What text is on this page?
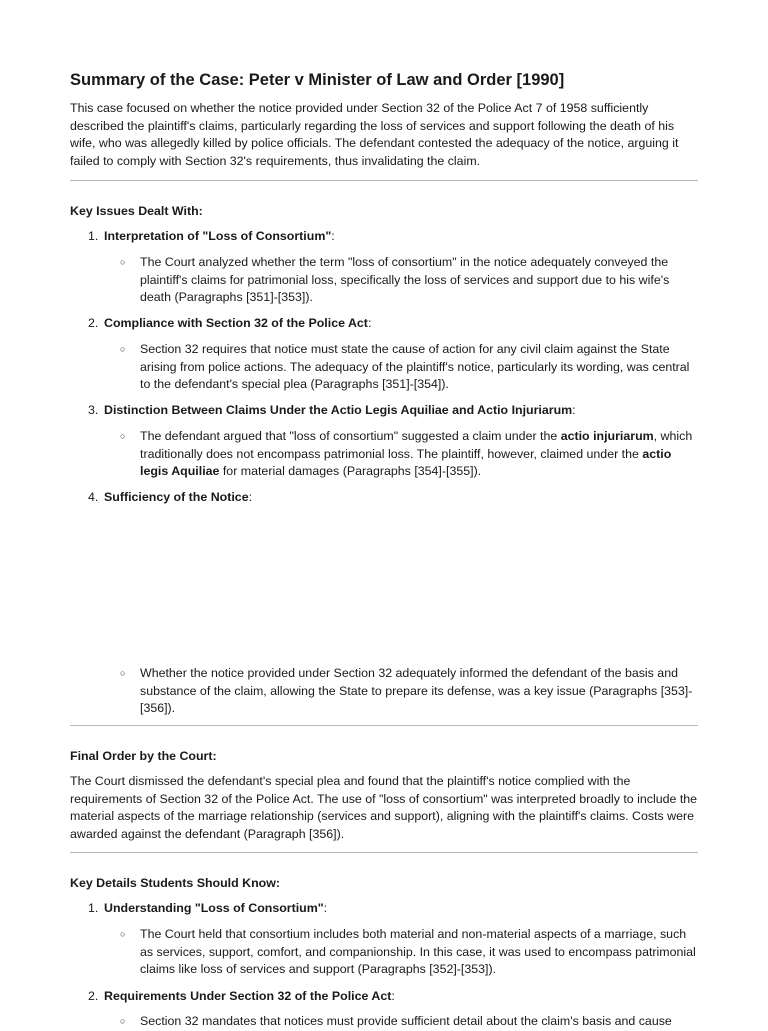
Summary of the Case: Peter v Minister of Law and Order [1990]

This case focused on whether the notice provided under Section 32 of the Police Act 7 of 1958 sufficiently described the plaintiff's claims, particularly regarding the loss of services and support following the death of his wife, who was allegedly killed by police officials. The defendant contested the adequacy of the notice, arguing it failed to comply with Section 32's requirements, thus invalidating the claim.

Key Issues Dealt With:
1. Interpretation of "Loss of Consortium":
○ The Court analyzed whether the term "loss of consortium" in the notice adequately conveyed the plaintiff's claims for patrimonial loss, specifically the loss of services and support due to his wife's death (Paragraphs [351]-[353]).
2. Compliance with Section 32 of the Police Act:
○ Section 32 requires that notice must state the cause of action for any civil claim against the State arising from police actions. The adequacy of the plaintiff's notice, particularly its wording, was central to the defendant's special plea (Paragraphs [351]-[354]).
3. Distinction Between Claims Under the Actio Legis Aquiliae and Actio Injuriarum:
○ The defendant argued that "loss of consortium" suggested a claim under the actio injuriarum, which traditionally does not encompass patrimonial loss. The plaintiff, however, claimed under the actio legis Aquiliae for material damages (Paragraphs [354]-[355]).
4. Sufficiency of the Notice:
○ Whether the notice provided under Section 32 adequately informed the defendant of the basis and substance of the claim, allowing the State to prepare its defense, was a key issue (Paragraphs [353]-[356]).
Final Order by the Court:

The Court dismissed the defendant's special plea and found that the plaintiff's notice complied with the requirements of Section 32 of the Police Act. The use of "loss of consortium" was interpreted broadly to include the material aspects of the marriage relationship (services and support), aligning with the plaintiff's claims. Costs were awarded against the defendant (Paragraph [356]).

Key Details Students Should Know:
1. Understanding "Loss of Consortium":
○ The Court held that consortium includes both material and non-material aspects of a marriage, such as services, support, comfort, and companionship. In this case, it was used to encompass patrimonial claims like loss of services and support (Paragraphs [352]-[353]).
2. Requirements Under Section 32 of the Police Act:
○ Section 32 mandates that notices must provide sufficient detail about the claim's basis and cause
